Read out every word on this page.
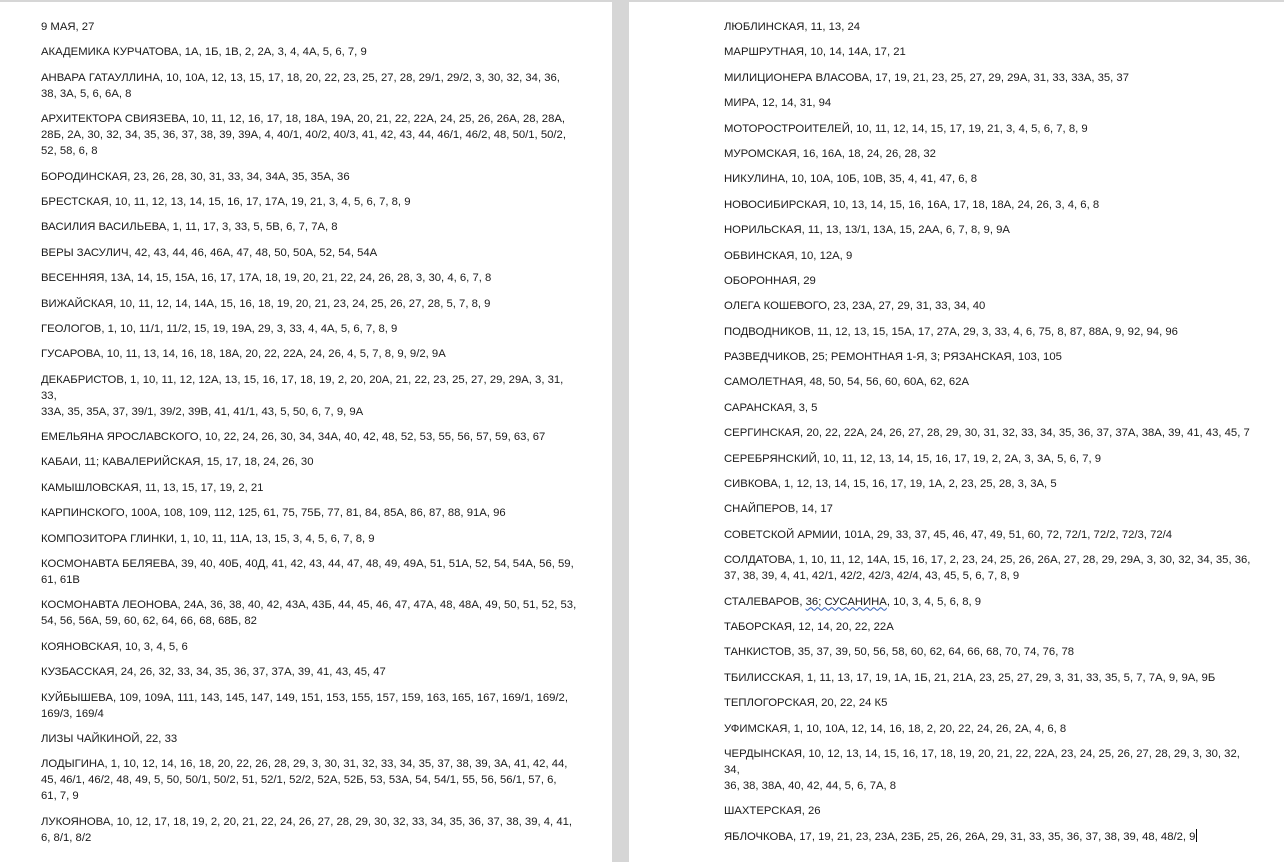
9 МАЯ, 27

АКАДЕМИКА КУРЧАТОВА, 1А, 1Б, 1В, 2, 2А, 3, 4, 4А, 5, 6, 7, 9

АНВАРА ГАТАУЛЛИНА, 10, 10А, 12, 13, 15, 17, 18, 20, 22, 23, 25, 27, 28, 29/1, 29/2, 3, 30, 32, 34, 36,
38, 3А, 5, 6, 6А, 8

АРХИТЕКТОРА СВИЯЗЕВА, 10, 11, 12, 16, 17, 18, 18А, 19А, 20, 21, 22, 22А, 24, 25, 26, 26А, 28, 28А,
28Б, 2А, 30, 32, 34, 35, 36, 37, 38, 39, 39А, 4, 40/1, 40/2, 40/3, 41, 42, 43, 44, 46/1, 46/2, 48, 50/1, 50/2,
52, 58, 6, 8

БОРОДИНСКАЯ, 23, 26, 28, 30, 31, 33, 34, 34А, 35, 35А, 36

БРЕСТСКАЯ, 10, 11, 12, 13, 14, 15, 16, 17, 17А, 19, 21, 3, 4, 5, 6, 7, 8, 9

ВАСИЛИЯ ВАСИЛЬЕВА, 1, 11, 17, 3, 33, 5, 5В, 6, 7, 7А, 8

ВЕРЫ ЗАСУЛИЧ, 42, 43, 44, 46, 46А, 47, 48, 50, 50А, 52, 54, 54А

ВЕСЕННЯЯ, 13А, 14, 15, 15А, 16, 17, 17А, 18, 19, 20, 21, 22, 24, 26, 28, 3, 30, 4, 6, 7, 8

ВИЖАЙСКАЯ, 10, 11, 12, 14, 14А, 15, 16, 18, 19, 20, 21, 23, 24, 25, 26, 27, 28, 5, 7, 8, 9

ГЕОЛОГОВ, 1, 10, 11/1, 11/2, 15, 19, 19А, 29, 3, 33, 4, 4А, 5, 6, 7, 8, 9

ГУСАРОВА, 10, 11, 13, 14, 16, 18, 18А, 20, 22, 22А, 24, 26, 4, 5, 7, 8, 9, 9/2, 9А

ДЕКАБРИСТОВ, 1, 10, 11, 12, 12А, 13, 15, 16, 17, 18, 19, 2, 20, 20А, 21, 22, 23, 25, 27, 29, 29А, 3, 31, 33,
33А, 35, 35А, 37, 39/1, 39/2, 39В, 41, 41/1, 43, 5, 50, 6, 7, 9, 9А

ЕМЕЛЬЯНА ЯРОСЛАВСКОГО, 10, 22, 24, 26, 30, 34, 34А, 40, 42, 48, 52, 53, 55, 56, 57, 59, 63, 67

КАБАИ, 11; КАВАЛЕРИЙСКАЯ, 15, 17, 18, 24, 26, 30

КАМЫШЛОВСКАЯ, 11, 13, 15, 17, 19, 2, 21

КАРПИНСКОГО, 100А, 108, 109, 112, 125, 61, 75, 75Б, 77, 81, 84, 85А, 86, 87, 88, 91А, 96

КОМПОЗИТОРА ГЛИНКИ, 1, 10, 11, 11А, 13, 15, 3, 4, 5, 6, 7, 8, 9

КОСМОНАВТА БЕЛЯЕВА, 39, 40, 40Б, 40Д, 41, 42, 43, 44, 47, 48, 49, 49А, 51, 51А, 52, 54, 54А, 56, 59,
61, 61В

КОСМОНАВТА ЛЕОНОВА, 24А, 36, 38, 40, 42, 43А, 43Б, 44, 45, 46, 47, 47А, 48, 48А, 49, 50, 51, 52, 53,
54, 56, 56А, 59, 60, 62, 64, 66, 68, 68Б, 82

КОЯНОВСКАЯ, 10, 3, 4, 5, 6

КУЗБАССКАЯ, 24, 26, 32, 33, 34, 35, 36, 37, 37А, 39, 41, 43, 45, 47

КУЙБЫШЕВА, 109, 109А, 111, 143, 145, 147, 149, 151, 153, 155, 157, 159, 163, 165, 167, 169/1, 169/2,
169/3, 169/4

ЛИЗЫ ЧАЙКИНОЙ, 22, 33

ЛОДЫГИНА, 1, 10, 12, 14, 16, 18, 20, 22, 26, 28, 29, 3, 30, 31, 32, 33, 34, 35, 37, 38, 39, 3А, 41, 42, 44,
45, 46/1, 46/2, 48, 49, 5, 50, 50/1, 50/2, 51, 52/1, 52/2, 52А, 52Б, 53, 53А, 54, 54/1, 55, 56, 56/1, 57, 6,
61, 7, 9

ЛУКОЯНОВА, 10, 12, 17, 18, 19, 2, 20, 21, 22, 24, 26, 27, 28, 29, 30, 32, 33, 34, 35, 36, 37, 38, 39, 4, 41,
6, 8/1, 8/2

ЛЮБЛИНСКАЯ, 11, 13, 24

МАРШРУТНАЯ, 10, 14, 14А, 17, 21

МИЛИЦИОНЕРА ВЛАСОВА, 17, 19, 21, 23, 25, 27, 29, 29А, 31, 33, 33А, 35, 37

МИРА, 12, 14, 31, 94

МОТОРОСТРОИТЕЛЕЙ, 10, 11, 12, 14, 15, 17, 19, 21, 3, 4, 5, 6, 7, 8, 9

МУРОМСКАЯ, 16, 16А, 18, 24, 26, 28, 32

НИКУЛИНА, 10, 10А, 10Б, 10В, 35, 4, 41, 47, 6, 8

НОВОСИБИРСКАЯ, 10, 13, 14, 15, 16, 16А, 17, 18, 18А, 24, 26, 3, 4, 6, 8

НОРИЛЬСКАЯ, 11, 13, 13/1, 13А, 15, 2АА, 6, 7, 8, 9, 9А

ОБВИНСКАЯ, 10, 12А, 9

ОБОРОННАЯ, 29

ОЛЕГА КОШЕВОГО, 23, 23А, 27, 29, 31, 33, 34, 40

ПОДВОДНИКОВ, 11, 12, 13, 15, 15А, 17, 27А, 29, 3, 33, 4, 6, 75, 8, 87, 88А, 9, 92, 94, 96

РАЗВЕДЧИКОВ, 25; РЕМОНТНАЯ 1-Я, 3; РЯЗАНСКАЯ, 103, 105

САМОЛЕТНАЯ, 48, 50, 54, 56, 60, 60А, 62, 62А

САРАНСКАЯ, 3, 5

СЕРГИНСКАЯ, 20, 22, 22А, 24, 26, 27, 28, 29, 30, 31, 32, 33, 34, 35, 36, 37, 37А, 38А, 39, 41, 43, 45, 7

СЕРЕБРЯНСКИЙ, 10, 11, 12, 13, 14, 15, 16, 17, 19, 2, 2А, 3, 3А, 5, 6, 7, 9

СИВКОВА, 1, 12, 13, 14, 15, 16, 17, 19, 1А, 2, 23, 25, 28, 3, 3А, 5

СНАЙПЕРОВ, 14, 17

СОВЕТСКОЙ АРМИИ, 101А, 29, 33, 37, 45, 46, 47, 49, 51, 60, 72, 72/1, 72/2, 72/3, 72/4

СОЛДАТОВА, 1, 10, 11, 12, 14А, 15, 16, 17, 2, 23, 24, 25, 26, 26А, 27, 28, 29, 29А, 3, 30, 32, 34, 35, 36,
37, 38, 39, 4, 41, 42/1, 42/2, 42/3, 42/4, 43, 45, 5, 6, 7, 8, 9

СТАЛЕВАРОВ, 36; СУСАНИНА, 10, 3, 4, 5, 6, 8, 9

ТАБОРСКАЯ, 12, 14, 20, 22, 22А

ТАНКИСТОВ, 35, 37, 39, 50, 56, 58, 60, 62, 64, 66, 68, 70, 74, 76, 78

ТБИЛИССКАЯ, 1, 11, 13, 17, 19, 1А, 1Б, 21, 21А, 23, 25, 27, 29, 3, 31, 33, 35, 5, 7, 7А, 9, 9А, 9Б

ТЕПЛОГОРСКАЯ, 20, 22, 24 К5

УФИМСКАЯ, 1, 10, 10А, 12, 14, 16, 18, 2, 20, 22, 24, 26, 2А, 4, 6, 8

ЧЕРДЫНСКАЯ, 10, 12, 13, 14, 15, 16, 17, 18, 19, 20, 21, 22, 22А, 23, 24, 25, 26, 27, 28, 29, 3, 30, 32, 34,
36, 38, 38А, 40, 42, 44, 5, 6, 7А, 8

ШАХТЕРСКАЯ, 26

ЯБЛОЧКОВА, 17, 19, 21, 23, 23А, 23Б, 25, 26, 26А, 29, 31, 33, 35, 36, 37, 38, 39, 48, 48/2, 9
